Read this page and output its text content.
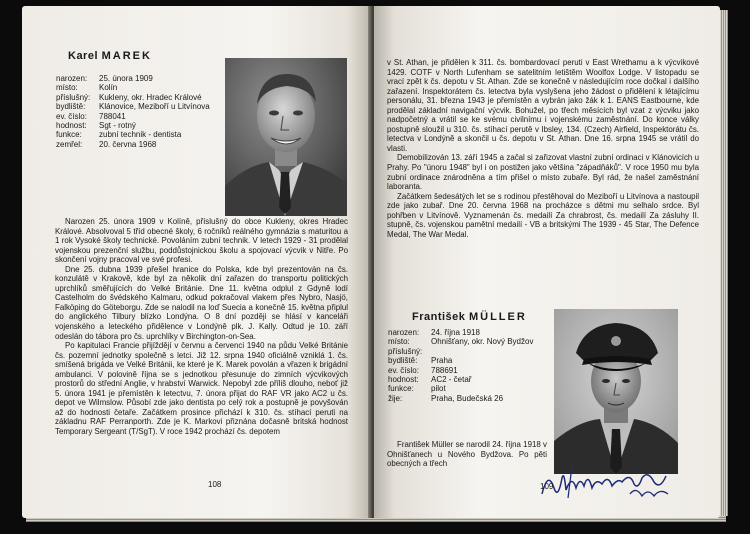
Karel MAREK
narozen:	25. února 1909
místo:	Kolín
příslušný:	Kukleny, okr. Hradec Králové
bydliště:	Klánovice, Meziboří u Litvínova
ev. číslo:	788041
hodnost:	Sgt - rotný
funkce:	zubní technik - dentista
zemřel:	20. června 1968

Narozen 25. února 1909 v Kolíně, příslušný do obce Kukleny, okres Hradec Králové. Absolvoval 5 tříd obecné školy, 6 ročníků reálného gymnázia s maturitou a 1 rok Vysoké školy technické. Povoláním zubní technik. V letech 1929 - 31 prodělal vojenskou prezenční službu, poddůstojnickou školu a spojovací výcvik v Nitře. Po skončení vojny pracoval ve své profesi.

Dne 25. dubna 1939 přešel hranice do Polska, kde byl prezentován na čs. konzulátě v Krakově, kde byl za několik dní zařazen do transportu politických uprchlíků směřujících do Velké Británie. Dne 11. května odplul z Gdyně lodí Castelholm do švédského Kalmaru, odkud pokračoval vlakem přes Nybro, Nasjö, Falköping do Göteborgu. Zde se nalodil na loď Suecia a konečně 15. května připlul do anglického Tilbury blízko Londýna. O 8 dní později se hlásí v kanceláři vojenského a leteckého přidělence v Londýně plk. J. Kally. Odtud je 10. září odeslán do tábora pro čs. uprchlíky v Birchington-on-Sea.

Po kapitulaci Francie přijíždějí v červnu a červenci 1940 na půdu Velké Británie čs. pozemní jednotky společně s letci. Již 12. srpna 1940 oficiálně vzniklá 1. čs. smíšená brigáda ve Velké Británii, ke které je K. Marek povolán a vřazen k brigádní ambulanci. V polovině října se s jednotkou přesunuje do zimních výcvikových prostorů do střední Anglie, v hrabství Warwick. Nepobyl zde příliš dlouho, neboť již 5. února 1941 je přemístěn k letectvu, 7. února přijat do RAF VR jako AC2 u čs. depot ve Wilmslow. Působí zde jako dentista po celý rok a postupně je povyšován až do hodnosti četaře. Začátkem prosince přichází k 310. čs. stíhací peruti na základnu RAF Perranporth. Zde je K. Markovi přiznána dočasně britská hodnost Temporary Sergeant (T/SgT). V roce 1942 prochází čs. depotem

108

v St. Athan, je přidělen k 311. čs. bombardovací peruti v East Wrethamu a k výcvikové 1429. COTF v North Lufenham se satelitním letištěm Woolfox Lodge. V listopadu se vrací zpět k čs. depotu v St. Athan. Zde se konečně v následujícím roce dočkal i dalšího zařazení. Inspektorátem čs. letectva byla vyslyšena jeho žádost o přidělení k létajícímu personálu, 31. března 1943 je přemístěn a vybrán jako žák k 1. EANS Eastbourne, kde prodělal základní navigační výcvik. Bohužel, po třech měsících byl vzat z výcviku jako nadpočetný a vrátil se ke svému civilnímu i vojenskému zaměstnání. Do konce války postupně sloužil u 310. čs. stíhací perutě v Ibsley, 134. (Czech) Airfield, Inspektorátu čs. letectva v Londýně a skončil u čs. depotu v St. Athan. Dne 16. srpna 1945 se vrátil do vlasti.

Demobilizován 13. září 1945 a začal si zařizovat vlastní zubní ordinaci v Klánovicích u Prahy. Po "únoru 1948" byl i on postižen jako většina "západňáků". V roce 1950 mu byla zubní ordinace znárodněna a tím přišel o místo zubaře. Byl rád, že našel zaměstnání laboranta.

Začátkem šedesátých let se s rodinou přestěhoval do Meziboří u Litvínova a nastoupil zde jako zubař. Dne 20. června 1968 na procházce s dětmi mu selhalo srdce. Byl pohřben v Litvínově. Vyznamenán čs. medailí Za chrabrost, čs. medailí Za zásluhy II. stupně, čs. vojenskou pamětní medailí - VB a britskými The 1939 - 45 Star, The Defence Medal, The War Medal.

František MÜLLER
narozen:	24. října 1918
místo:	Ohnišťany, okr. Nový Bydžov
příslušný:
bydliště:	Praha
ev. číslo:	788691
hodnost:	AC2 - četař
funkce:	pilot
žije:	Praha, Budečská 26

František Müller se narodil 24. října 1918 v Ohnišťanech u Nového Bydžova. Po pěti obecných a třech

109
